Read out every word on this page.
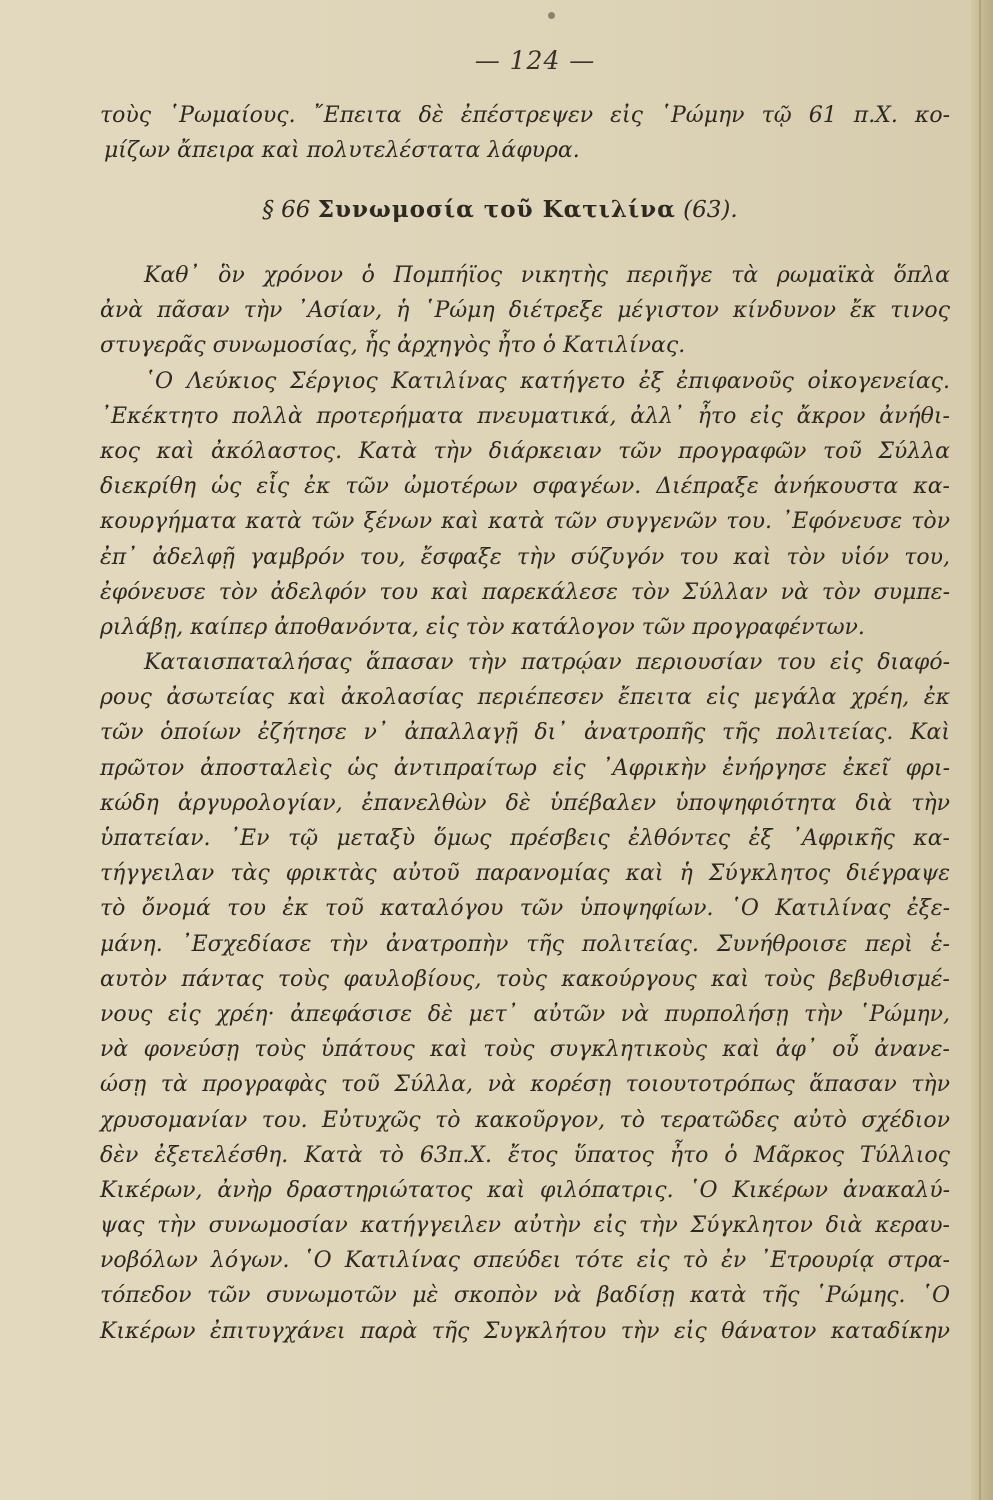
— 124 —
τοὺς ῾Ρωμαίους. ῎Επειτα δὲ ἐπέστρεψεν εἰς ῾Ρώμην τῷ 61 π.Χ. κο-
μίζων ἄπειρα καὶ πολυτελέστατα λάφυρα.
§ 66 Συνωμοσία τοῦ Κατιλίνα (63).
Καθ᾽ ὃν χρόνον ὁ Πομπήϊος νικητὴς περιῆγε τὰ ρωμαϊκὰ ὅπλα
ἀνὰ πᾶσαν τὴν ᾿Ασίαν, ἡ ῾Ρώμη διέτρεξε μέγιστον κίνδυνον ἔκ τινος
στυγερᾶς συνωμοσίας, ἧς ἀρχηγὸς ἦτο ὁ Κατιλίνας.
῾Ο Λεύκιος Σέργιος Κατιλίνας κατήγετο ἐξ ἐπιφανοῦς οἰκογενείας.
᾿Εκέκτητο πολλὰ προτερήματα πνευματικά, ἀλλ᾽ ἦτο εἰς ἄκρον ἀνήθι-
κος καὶ ἀκόλαστος. Κατὰ τὴν διάρκειαν τῶν προγραφῶν τοῦ Σύλλα
διεκρίθη ὡς εἷς ἐκ τῶν ὠμοτέρων σφαγέων. Διέπραξε ἀνήκουστα κα-
κουργήματα κατὰ τῶν ξένων καὶ κατὰ τῶν συγγενῶν του. ᾿Εφόνευσε τὸν
ἐπ᾽ ἀδελφῇ γαμβρόν του, ἔσφαξε τὴν σύζυγόν του καὶ τὸν υἱόν του,
ἐφόνευσε τὸν ἀδελφόν του καὶ παρεκάλεσε τὸν Σύλλαν νὰ τὸν συμπε-
ριλάβῃ, καίπερ ἀποθανόντα, εἰς τὸν κατάλογον τῶν προγραφέντων.
Καταισπαταλήσας ἅπασαν τὴν πατρῴαν περιουσίαν του εἰς διαφό-
ρους ἀσωτείας καὶ ἀκολασίας περιέπεσεν ἔπειτα εἰς μεγάλα χρέη, ἐκ
τῶν ὁποίων ἐζήτησε ν᾽ ἀπαλλαγῇ δι᾽ ἀνατροπῆς τῆς πολιτείας. Καὶ
πρῶτον ἀποσταλεὶς ὡς ἀντιπραίτωρ εἰς ᾿Αφρικὴν ἐνήργησε ἐκεῖ φρι-
κώδη ἀργυρολογίαν, ἐπανελθὼν δὲ ὑπέβαλεν ὑποψηφιότητα διὰ τὴν
ὑπατείαν. ᾿Εν τῷ μεταξὺ ὅμως πρέσβεις ἐλθόντες ἐξ ᾿Αφρικῆς κα-
τήγγειλαν τὰς φρικτὰς αὐτοῦ παρανομίας καὶ ἡ Σύγκλητος διέγραψε
τὸ ὄνομά του ἐκ τοῦ καταλόγου τῶν ὑποψηφίων. ῾Ο Κατιλίνας ἐξε-
μάνη. ᾿Εσχεδίασε τὴν ἀνατροπὴν τῆς πολιτείας. Συνήθροισε περὶ ἑ-
αυτὸν πάντας τοὺς φαυλοβίους, τοὺς κακούργους καὶ τοὺς βεβυθισμέ-
νους εἰς χρέη· ἀπεφάσισε δὲ μετ᾽ αὐτῶν νὰ πυρπολήσῃ τὴν ῾Ρώμην,
νὰ φονεύσῃ τοὺς ὑπάτους καὶ τοὺς συγκλητικοὺς καὶ ἀφ᾽ οὗ ἀνανε-
ώσῃ τὰ προγραφὰς τοῦ Σύλλα, νὰ κορέσῃ τοιουτοτρόπως ἅπασαν τὴν
χρυσομανίαν του. Εὐτυχῶς τὸ κακοῦργον, τὸ τερατῶδες αὐτὸ σχέδιον
δὲν ἐξετελέσθη. Κατὰ τὸ 63π.Χ. ἔτος ὕπατος ἦτο ὁ Μᾶρκος Τύλλιος
Κικέρων, ἀνὴρ δραστηριώτατος καὶ φιλόπατρις. ῾Ο Κικέρων ἀνακαλύ-
ψας τὴν συνωμοσίαν κατήγγειλεν αὐτὴν εἰς τὴν Σύγκλητον διὰ κεραυ-
νοβόλων λόγων. ῾Ο Κατιλίνας σπεύδει τότε εἰς τὸ ἐν ᾿Ετρουρίᾳ στρα-
τόπεδον τῶν συνωμοτῶν μὲ σκοπὸν νὰ βαδίσῃ κατὰ τῆς ῾Ρώμης. ῾Ο
Κικέρων ἐπιτυγχάνει παρὰ τῆς Συγκλήτου τὴν εἰς θάνατον καταδίκην
